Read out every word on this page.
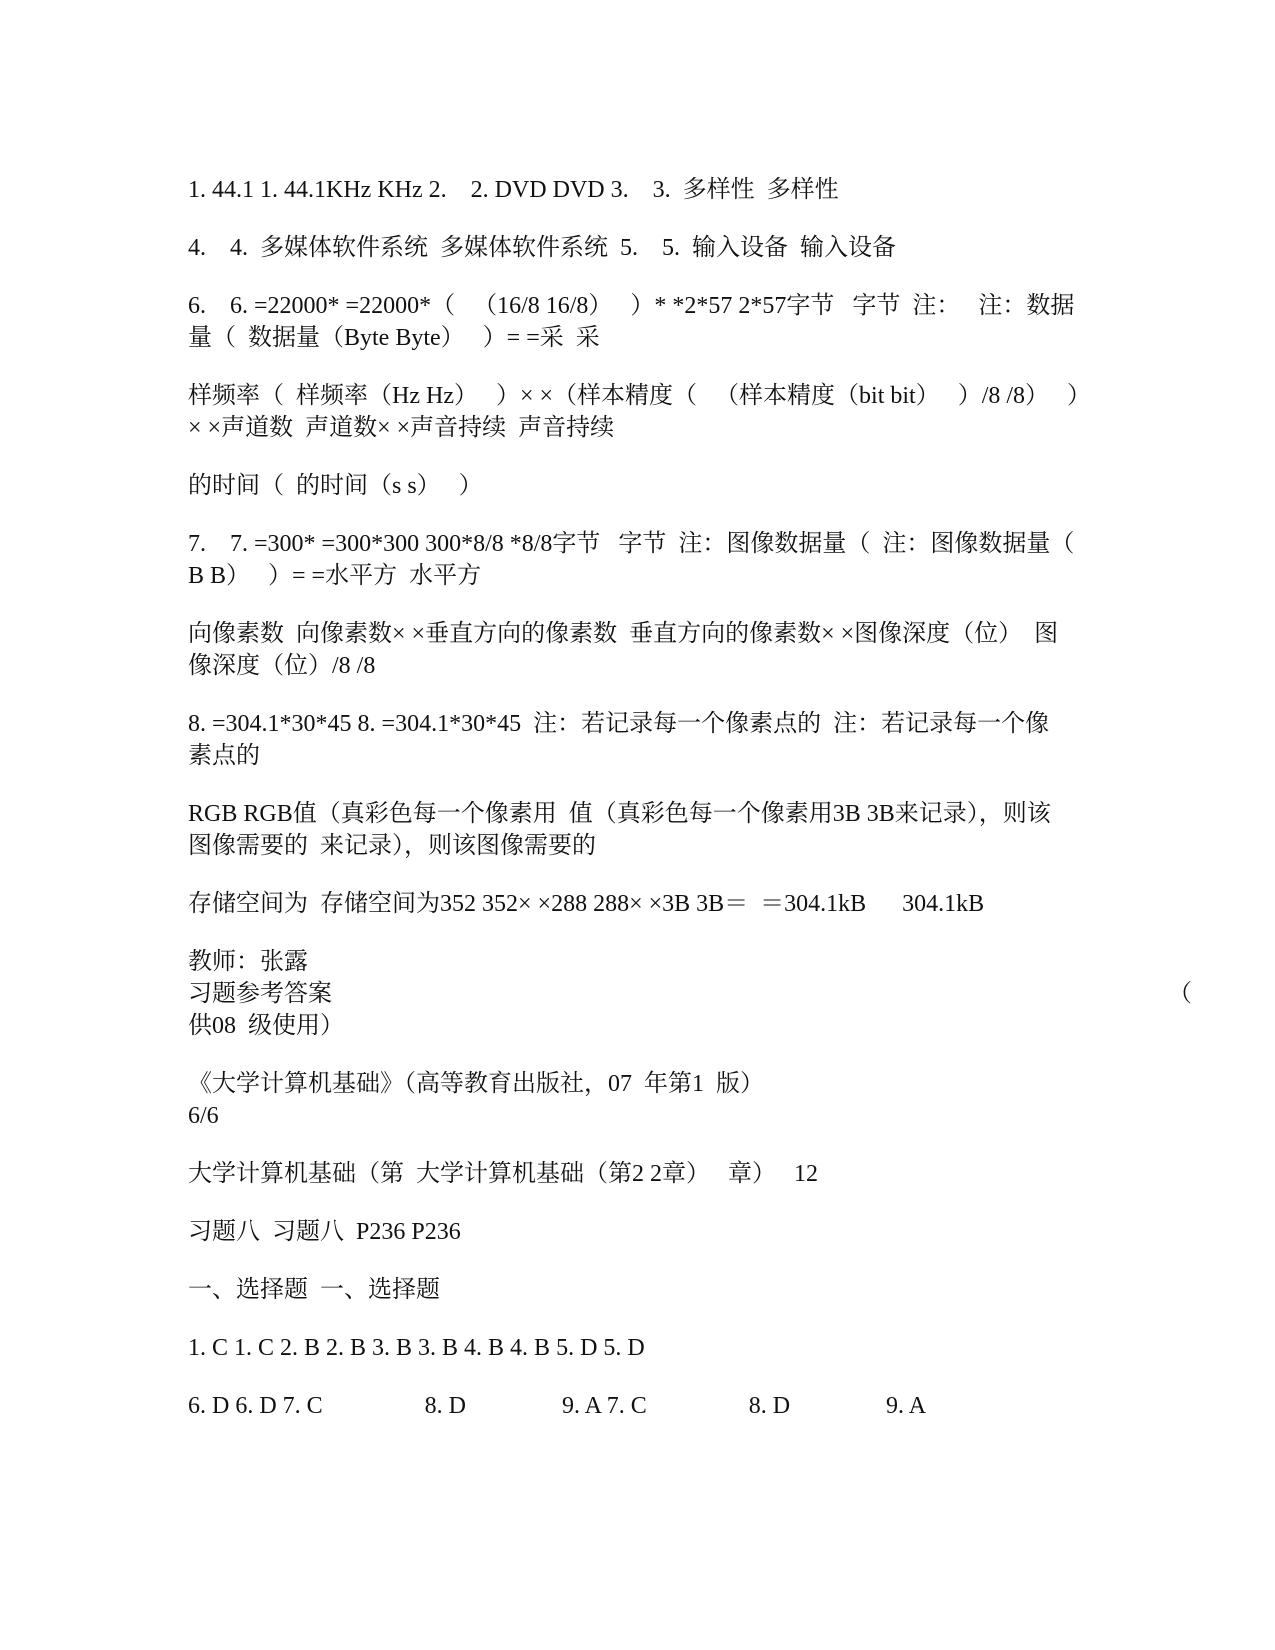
1. 44.1 1. 44.1KHz KHz 2.    2. DVD DVD 3.    3.  多样性  多样性

4.    4.  多媒体软件系统  多媒体软件系统  5.    5.  输入设备  输入设备

6.    6. =22000* =22000*（   （16/8 16/8）   ）* *2*57 2*57字节   字节  注：   注：数据

量（  数据量（Byte Byte）   ）= =采  采

样频率（  样频率（Hz Hz）   ）× ×（样本精度（   （样本精度（bit bit）   ）/8 /8）   ）

× ×声道数  声道数× ×声音持续  声音持续

的时间（  的时间（s s）   ）

7.    7. =300* =300*300 300*8/8 *8/8字节   字节  注：图像数据量（  注：图像数据量（

B B）   ）= =水平方  水平方

向像素数  向像素数× ×垂直方向的像素数  垂直方向的像素数× ×图像深度（位）  图

像深度（位）/8 /8

8. =304.1*30*45 8. =304.1*30*45  注：若记录每一个像素点的  注：若记录每一个像

素点的

RGB RGB值（真彩色每一个像素用  值（真彩色每一个像素用3B 3B来记录），则该

图像需要的  来记录），则该图像需要的

存储空间为  存储空间为352 352× ×288 288× ×3B 3B＝  ＝304.1kB      304.1kB

教师：张露

习题参考答案	（

供08  级使用）

《大学计算机基础》（高等教育出版社，07  年第1  版）

6/6

大学计算机基础（第  大学计算机基础（第2 2章）   章）   12

习题八  习题八  P236 P236

一、选择题  一、选择题

1. C 1. C 2. B 2. B 3. B 3. B 4. B 4. B 5. D 5. D

6. D 6. D 7. C                 8. D                9. A 7. C                 8. D                9. A
